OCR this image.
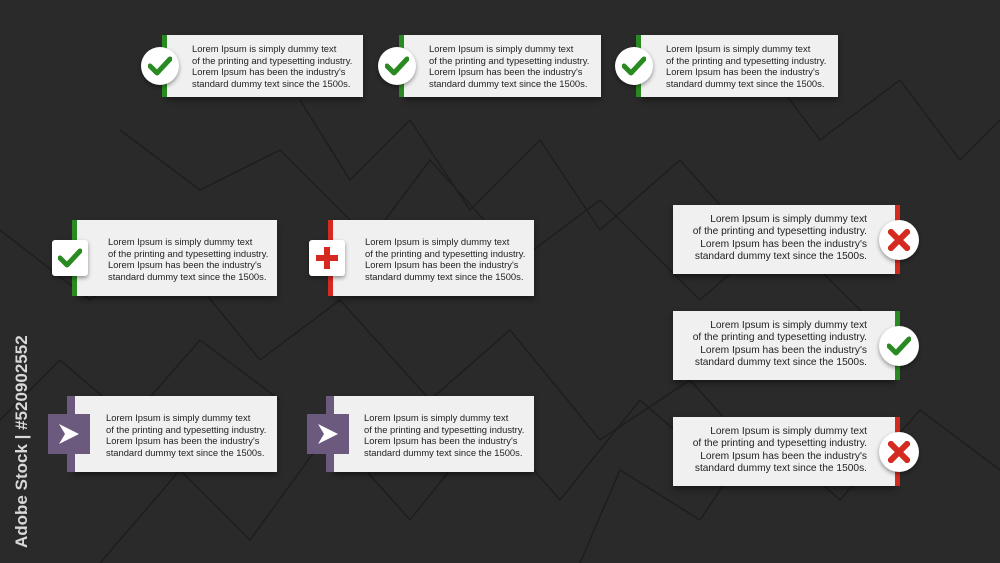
Lorem Ipsum is simply dummy text
of the printing and typesetting industry.
Lorem Ipsum has been the industry's
standard dummy text since the 1500s.
Lorem Ipsum is simply dummy text
of the printing and typesetting industry.
Lorem Ipsum has been the industry's
standard dummy text since the 1500s.
Lorem Ipsum is simply dummy text
of the printing and typesetting industry.
Lorem Ipsum has been the industry's
standard dummy text since the 1500s.
Lorem Ipsum is simply dummy text
of the printing and typesetting industry.
Lorem Ipsum has been the industry's
standard dummy text since the 1500s.
Lorem Ipsum is simply dummy text
of the printing and typesetting industry.
Lorem Ipsum has been the industry's
standard dummy text since the 1500s.
Lorem Ipsum is simply dummy text
of the printing and typesetting industry.
Lorem Ipsum has been the industry's
standard dummy text since the 1500s.
Lorem Ipsum is simply dummy text
of the printing and typesetting industry.
Lorem Ipsum has been the industry's
standard dummy text since the 1500s.
Lorem Ipsum is simply dummy text
of the printing and typesetting industry.
Lorem Ipsum has been the industry's
standard dummy text since the 1500s.
Lorem Ipsum is simply dummy text
of the printing and typesetting industry.
Lorem Ipsum has been the industry's
standard dummy text since the 1500s.
Lorem Ipsum is simply dummy text
of the printing and typesetting industry.
Lorem Ipsum has been the industry's
standard dummy text since the 1500s.
Adobe Stock | #520902552
